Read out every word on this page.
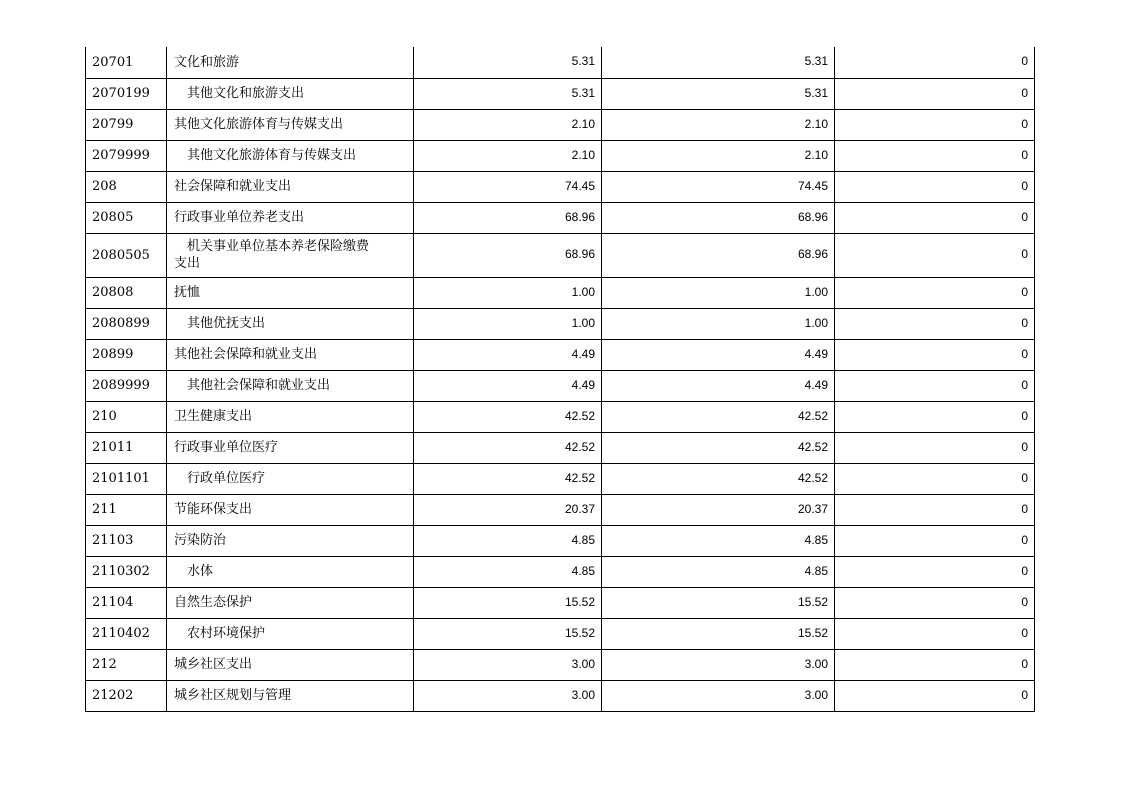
20701	文化和旅游	5.31	5.31	0
2070199	其他文化和旅游支出	5.31	5.31	0
20799	其他文化旅游体育与传媒支出	2.10	2.10	0
2079999	其他文化旅游体育与传媒支出	2.10	2.10	0
208	社会保障和就业支出	74.45	74.45	0
20805	行政事业单位养老支出	68.96	68.96	0
2080505	机关事业单位基本养老保险缴费
支出	68.96	68.96	0
20808	抚恤	1.00	1.00	0
2080899	其他优抚支出	1.00	1.00	0
20899	其他社会保障和就业支出	4.49	4.49	0
2089999	其他社会保障和就业支出	4.49	4.49	0
210	卫生健康支出	42.52	42.52	0
21011	行政事业单位医疗	42.52	42.52	0
2101101	行政单位医疗	42.52	42.52	0
211	节能环保支出	20.37	20.37	0
21103	污染防治	4.85	4.85	0
2110302	水体	4.85	4.85	0
21104	自然生态保护	15.52	15.52	0
2110402	农村环境保护	15.52	15.52	0
212	城乡社区支出	3.00	3.00	0
21202	城乡社区规划与管理	3.00	3.00	0
